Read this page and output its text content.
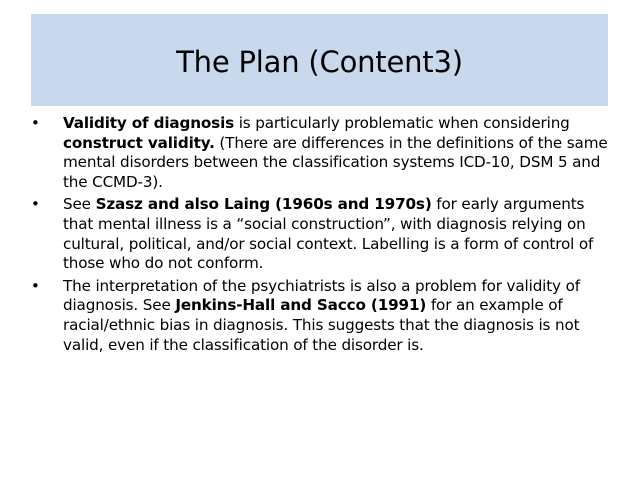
The Plan (Content3)
•	Validity of diagnosis is particularly problematic when considering construct validity. (There are differences in the definitions of the same mental disorders between the classification systems ICD-10, DSM 5 and the CCMD-3).
•	See Szasz and also Laing (1960s and 1970s) for early arguments that mental illness is a “social construction”, with diagnosis relying on cultural, political, and/or social context. Labelling is a form of control of those who do not conform.
•	The interpretation of the psychiatrists is also a problem for validity of diagnosis. See Jenkins-Hall and Sacco (1991) for an example of racial/ethnic bias in diagnosis. This suggests that the diagnosis is not valid, even if the classification of the disorder is.
